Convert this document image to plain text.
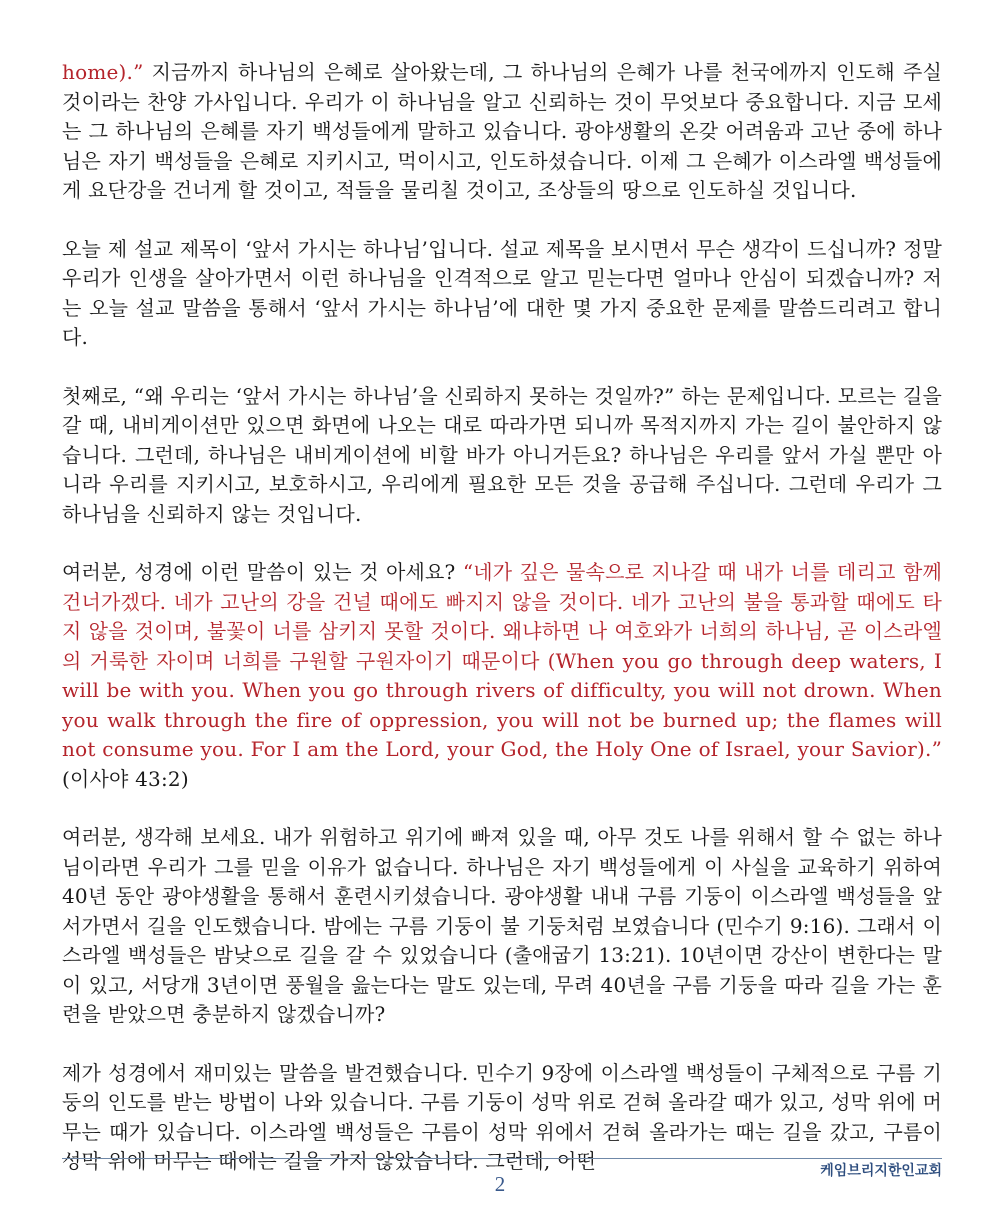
home).” 지금까지 하나님의 은혜로 살아왔는데, 그 하나님의 은혜가 나를 천국에까지 인도해 주실 것이라는 찬양 가사입니다. 우리가 이 하나님을 알고 신뢰하는 것이 무엇보다 중요합니다. 지금 모세는 그 하나님의 은혜를 자기 백성들에게 말하고 있습니다. 광야생활의 온갖 어려움과 고난 중에 하나님은 자기 백성들을 은혜로 지키시고, 먹이시고, 인도하셨습니다. 이제 그 은혜가 이스라엘 백성들에게 요단강을 건너게 할 것이고, 적들을 물리칠 것이고, 조상들의 땅으로 인도하실 것입니다.

오늘 제 설교 제목이 ‘앞서 가시는 하나님’입니다. 설교 제목을 보시면서 무슨 생각이 드십니까? 정말 우리가 인생을 살아가면서 이런 하나님을 인격적으로 알고 믿는다면 얼마나 안심이 되겠습니까? 저는 오늘 설교 말씀을 통해서 ‘앞서 가시는 하나님’에 대한 몇 가지 중요한 문제를 말씀드리려고 합니다.

첫째로, “왜 우리는 ‘앞서 가시는 하나님’을 신뢰하지 못하는 것일까?” 하는 문제입니다. 모르는 길을 갈 때, 내비게이션만 있으면 화면에 나오는 대로 따라가면 되니까 목적지까지 가는 길이 불안하지 않습니다. 그런데, 하나님은 내비게이션에 비할 바가 아니거든요? 하나님은 우리를 앞서 가실 뿐만 아니라 우리를 지키시고, 보호하시고, 우리에게 필요한 모든 것을 공급해 주십니다. 그런데 우리가 그 하나님을 신뢰하지 않는 것입니다.

여러분, 성경에 이런 말씀이 있는 것 아세요? “네가 깊은 물속으로 지나갈 때 내가 너를 데리고 함께 건너가겠다. 네가 고난의 강을 건널 때에도 빠지지 않을 것이다. 네가 고난의 불을 통과할 때에도 타지 않을 것이며, 불꽃이 너를 삼키지 못할 것이다. 왜냐하면 나 여호와가 너희의 하나님, 곧 이스라엘의 거룩한 자이며 너희를 구원할 구원자이기 때문이다 (When you go through deep waters, I will be with you. When you go through rivers of difficulty, you will not drown. When you walk through the fire of oppression, you will not be burned up; the flames will not consume you. For I am the Lord, your God, the Holy One of Israel, your Savior).” (이사야 43:2)

여러분, 생각해 보세요. 내가 위험하고 위기에 빠져 있을 때, 아무 것도 나를 위해서 할 수 없는 하나님이라면 우리가 그를 믿을 이유가 없습니다. 하나님은 자기 백성들에게 이 사실을 교육하기 위하여 40년 동안 광야생활을 통해서 훈련시키셨습니다. 광야생활 내내 구름 기둥이 이스라엘 백성들을 앞서가면서 길을 인도했습니다. 밤에는 구름 기둥이 불 기둥처럼 보였습니다 (민수기 9:16). 그래서 이스라엘 백성들은 밤낮으로 길을 갈 수 있었습니다 (출애굽기 13:21). 10년이면 강산이 변한다는 말이 있고, 서당개 3년이면 풍월을 읊는다는 말도 있는데, 무려 40년을 구름 기둥을 따라 길을 가는 훈련을 받았으면 충분하지 않겠습니까?

제가 성경에서 재미있는 말씀을 발견했습니다. 민수기 9장에 이스라엘 백성들이 구체적으로 구름 기둥의 인도를 받는 방법이 나와 있습니다. 구름 기둥이 성막 위로 걷혀 올라갈 때가 있고, 성막 위에 머무는 때가 있습니다. 이스라엘 백성들은 구름이 성막 위에서 걷혀 올라가는 때는 길을 갔고, 구름이 성막 위에 머무는 때에는 길을 가지 않았습니다. 그런데, 어떤	케임브리지한인교회
2
